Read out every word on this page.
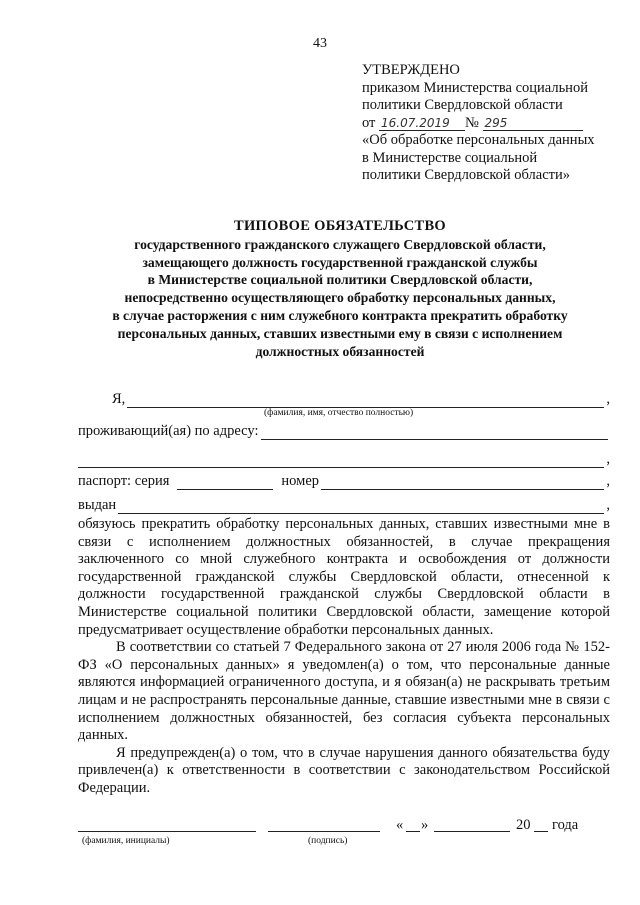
43
УТВЕРЖДЕНО
приказом Министерства социальной
политики Свердловской области
от 16.07.2019 № 295
«Об обработке персональных данных
в Министерстве социальной
политики Свердловской области»
ТИПОВОЕ ОБЯЗАТЕЛЬСТВО
государственного гражданского служащего Свердловской области,
замещающего должность государственной гражданской службы
в Министерстве социальной политики Свердловской области,
непосредственно осуществляющего обработку персональных данных,
в случае расторжения с ним служебного контракта прекратить обработку
персональных данных, ставших известными ему в связи с исполнением
должностных обязанностей
Я,	,
(фамилия, имя, отчество полностью)
проживающий(ая) по адресу:
,
паспорт: серия	номер	,
выдан	,

обязуюсь прекратить обработку персональных данных, ставших известными мне в связи с исполнением должностных обязанностей, в случае прекращения заключенного со мной служебного контракта и освобождения от должности государственной гражданской службы Свердловской области, отнесенной к должности государственной гражданской службы Свердловской области в Министерстве социальной политики Свердловской области, замещение которой предусматривает осуществление обработки персональных данных.

В соответствии со статьей 7 Федерального закона от 27 июля 2006 года № 152-ФЗ «О персональных данных» я уведомлен(а) о том, что персональные данные являются информацией ограниченного доступа, и я обязан(а) не раскрывать третьим лицам и не распространять персональные данные, ставшие известными мне в связи с исполнением должностных обязанностей, без согласия субъекта персональных данных.

Я предупрежден(а) о том, что в случае нарушения данного обязательства буду привлечен(а) к ответственности в соответствии с законодательством Российской Федерации.

« »	20 года
(фамилия, инициалы)	(подпись)
